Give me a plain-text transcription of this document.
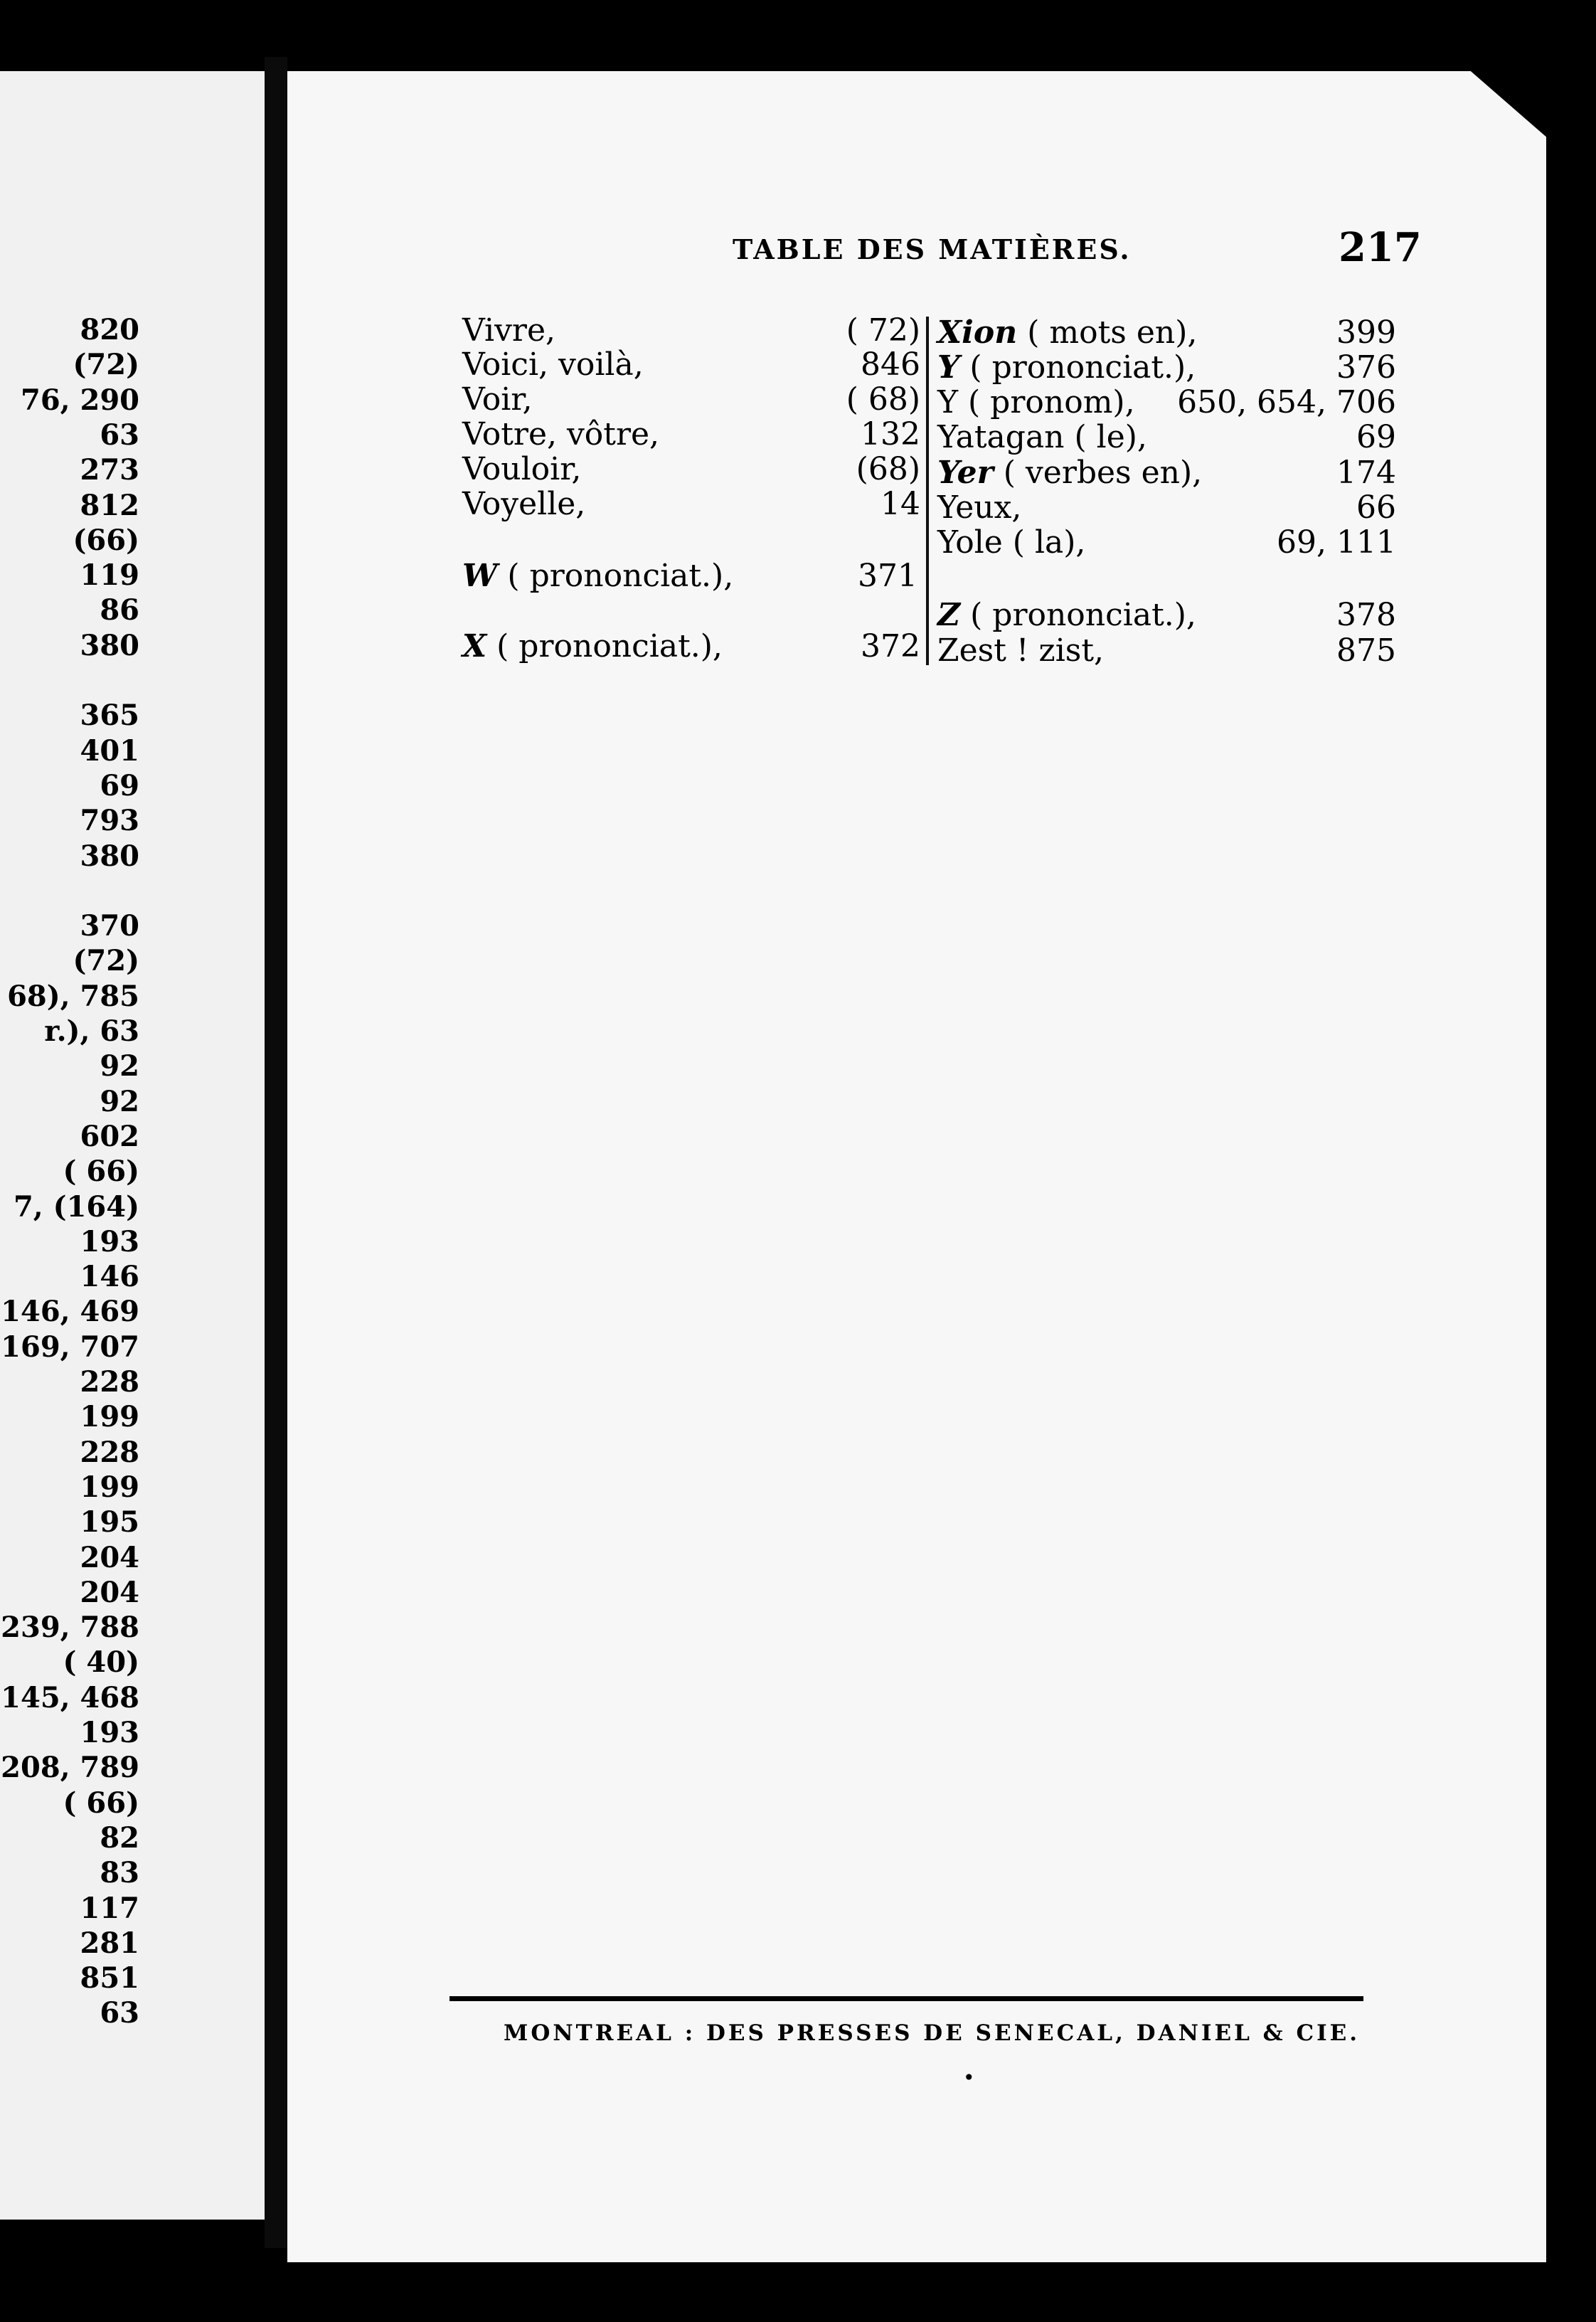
820
(72)
76, 290
63
273
812
(66)
119
86
380
365
401
69
793
380
370
(72)
68), 785
r.), 63
92
92
602
( 66)
7, (164)
193
146
146, 469
169, 707
228
199
228
199
195
204
204
239, 788
( 40)
145, 468
193
208, 789
( 66)
82
83
117
281
851
63
TABLE DES MATIÈRES.	217
Vivre,	( 72)
Voici, voilà,	846
Voir,	( 68)
Votre, vôtre,	132
Vouloir,	(68)
Voyelle,	14
W ( prononciat.),	371
X ( prononciat.),	372
Xion ( mots en),	399
Y ( prononciat.),	376
Y ( pronom), 650, 654, 706
Yatagan ( le),	69
Yer ( verbes en),	174
Yeux,	66
Yole ( la),	69, 111
Z ( prononciat.),	378
Zest ! zist,	875
MONTREAL : DES PRESSES DE SENECAL, DANIEL & CIE.
•
